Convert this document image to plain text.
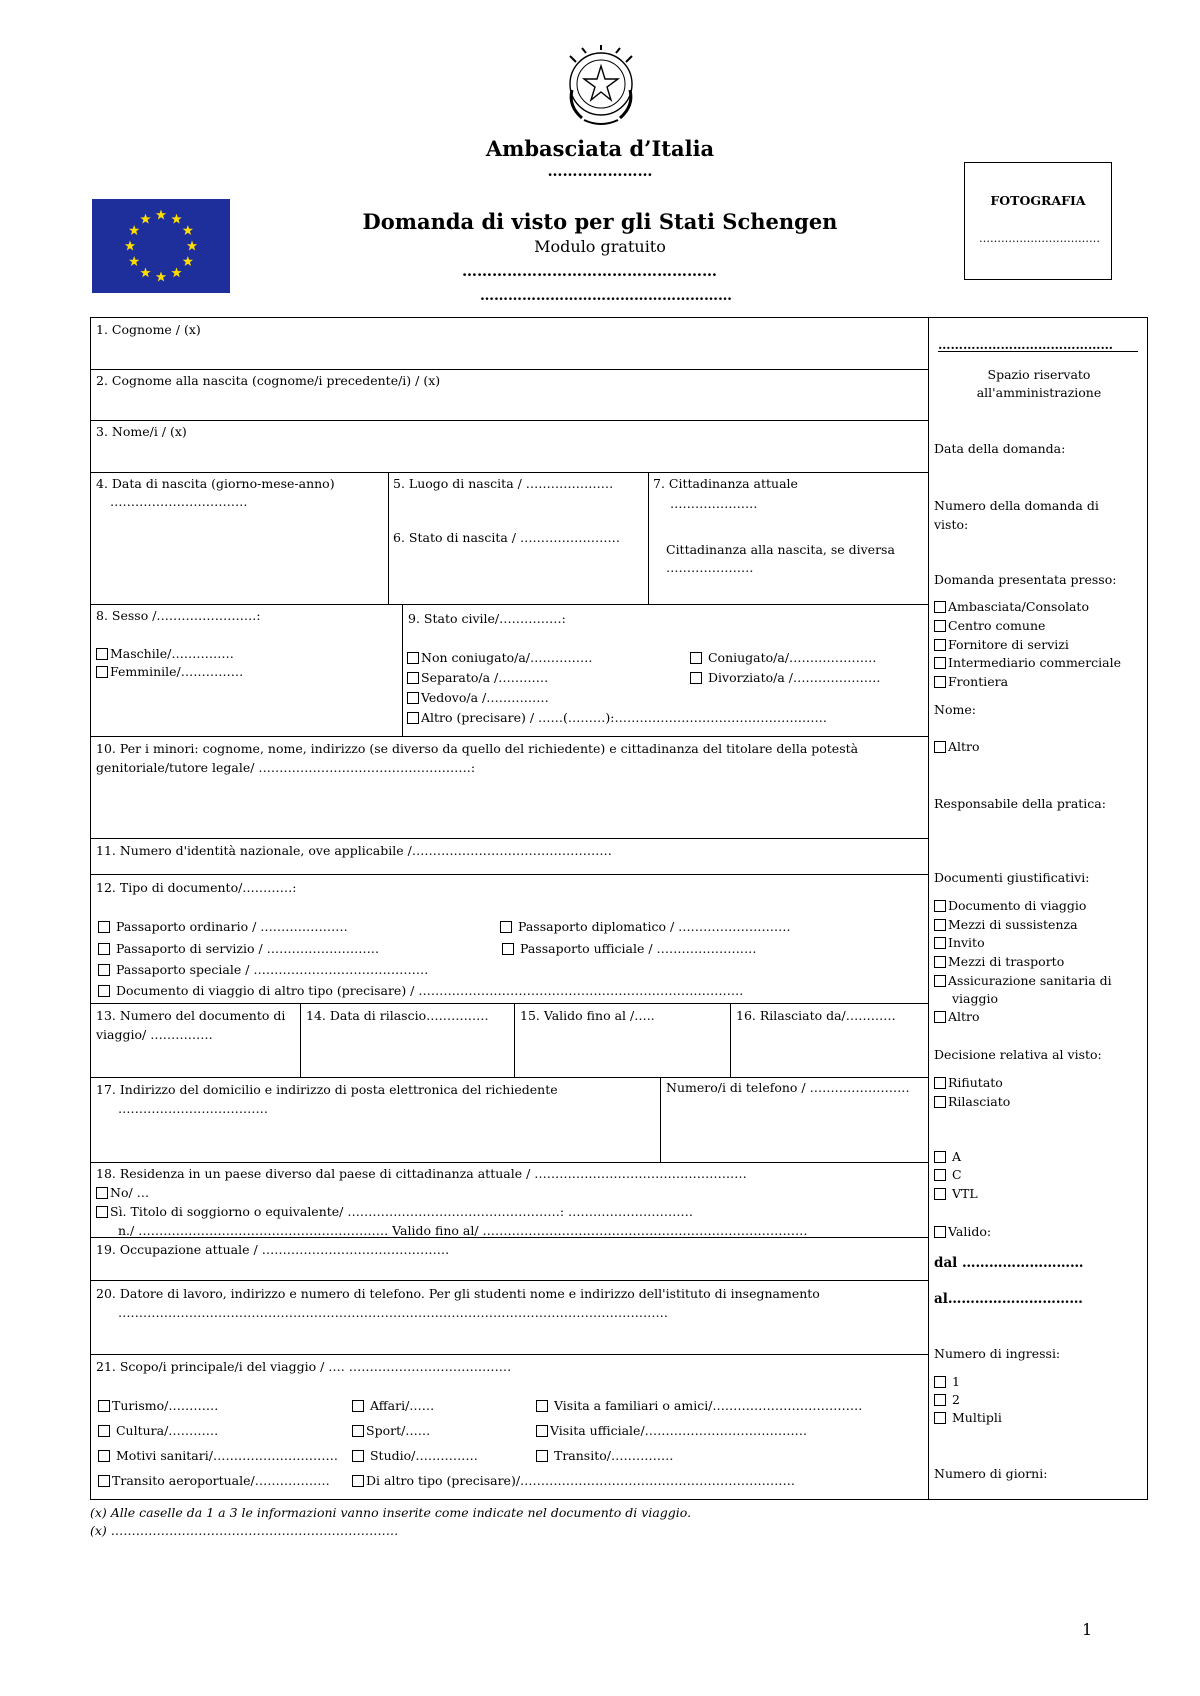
Ambasciata d’Italia
…………………
Domanda di visto per gli Stati Schengen
Modulo gratuito
……………………………………………
………………………………………………
FOTOGRAFIA
……………………………
1. Cognome / (x)
2. Cognome alla nascita (cognome/i precedente/i) / (x)
3. Nome/i / (x)
4. Data di nascita (giorno-mese-anno)
……………………………
5. Luogo di nascita / …………………
6. Stato di nascita / ……………………
7. Cittadinanza attuale
…………………
Cittadinanza alla nascita, se diversa
…………………
8. Sesso /……………………:
Maschile/……………
Femminile/……………
9. Stato civile/……………:
Non coniugato/a/……………	Coniugato/a/…………………
Separato/a /…………	Divorziato/a /…………………
Vedovo/a /……………
Altro (precisare) / ……(………):……………………………………………
10. Per i minori: cognome, nome, indirizzo (se diverso da quello del richiedente) e cittadinanza del titolare della potestà
genitoriale/tutore legale/ ……………………………………………:
11. Numero d'identità nazionale, ove applicabile /…………………………………………
12. Tipo di documento/…………:
Passaporto ordinario / …………………	Passaporto diplomatico / ………………………
Passaporto di servizio / ………………………	Passaporto ufficiale / ……………………
Passaporto speciale / ……………………………………
Documento di viaggio di altro tipo (precisare) / ……………………………………………………………………
13. Numero del documento di
viaggio/ ……………
14. Data di rilascio……………	15. Valido fino al /…..	16. Rilasciato da/…………
17. Indirizzo del domicilio e indirizzo di posta elettronica del richiedente
………………………………
Numero/i di telefono / ……………………
18. Residenza in un paese diverso dal paese di cittadinanza attuale / ……………………………………………
No/ …
Sì. Titolo di soggiorno o equivalente/ ……………………………………………: …………………………
n./ …………………………………………………… Valido fino al/ ……………………………………………………………………
19. Occupazione attuale / ………………………………………
20. Datore di lavoro, indirizzo e numero di telefono. Per gli studenti nome e indirizzo dell'istituto di insegnamento
……………………………………………………………………………………………………………………
21. Scopo/i principale/i del viaggio / …. …………………………………
Turismo/…………	Affari/……	Visita a familiari o amici/………………………………
Cultura/…………	Sport/……	Visita ufficiale/…………………………………
Motivi sanitari/…………………………	Studio/……………	Transito/……………
Transito aeroportuale/………………	Di altro tipo (precisare)/…………………………………………………………
……………………………………
Spazio riservato
all'amministrazione
Data della domanda:
Numero della domanda di
visto:
Domanda presentata presso:
Ambasciata/Consolato
Centro comune
Fornitore di servizi
Intermediario commerciale
Frontiera
Nome:
Altro
Responsabile della pratica:
Documenti giustificativi:
Documento di viaggio
Mezzi di sussistenza
Invito
Mezzi di trasporto
Assicurazione sanitaria di
viaggio
Altro
Decisione relativa al visto:
Rifiutato
Rilasciato
A
C
VTL
Valido:
dal ………………………
al…………………………
Numero di ingressi:
1
2
Multipli
Numero di giorni:
(x) Alle caselle da 1 a 3 le informazioni vanno inserite come indicate nel documento di viaggio.
(x) ……………………………………………………………
1
